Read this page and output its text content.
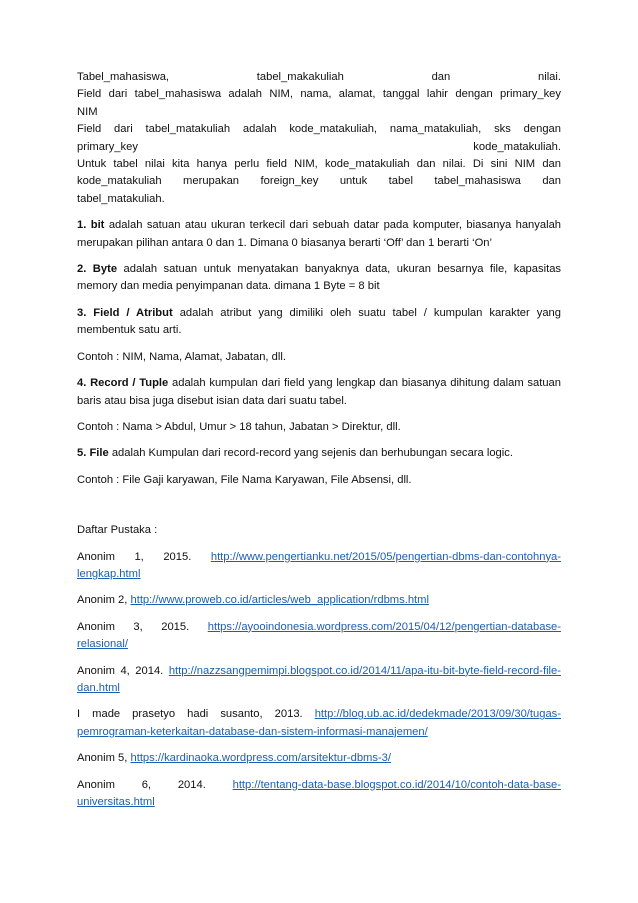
Tabel_mahasiswa, tabel_makakuliah dan nilai.
Field dari tabel_mahasiswa adalah NIM, nama, alamat, tanggal lahir dengan primary_key
NIM
Field dari tabel_matakuliah adalah kode_matakuliah, nama_matakuliah, sks dengan
primary_key kode_matakuliah.
Untuk tabel nilai kita hanya perlu field NIM, kode_matakuliah dan nilai. Di sini NIM dan
kode_matakuliah merupakan foreign_key untuk tabel tabel_mahasiswa dan
tabel_matakuliah.

1. bit adalah satuan atau ukuran terkecil dari sebuah datar pada komputer, biasanya hanyalah merupakan pilihan antara 0 dan 1. Dimana 0 biasanya berarti ‘Off’ dan 1 berarti ‘On’

2. Byte adalah satuan untuk menyatakan banyaknya data, ukuran besarnya file, kapasitas memory dan media penyimpanan data. dimana 1 Byte = 8 bit

3. Field / Atribut adalah atribut yang dimiliki oleh suatu tabel / kumpulan karakter yang membentuk satu arti.

Contoh : NIM, Nama, Alamat, Jabatan, dll.

4. Record / Tuple adalah kumpulan dari field yang lengkap dan biasanya dihitung dalam satuan baris atau bisa juga disebut isian data dari suatu tabel.

Contoh : Nama > Abdul, Umur > 18 tahun, Jabatan > Direktur, dll.

5. File adalah Kumpulan dari record-record yang sejenis dan berhubungan secara logic.

Contoh : File Gaji karyawan, File Nama Karyawan, File Absensi, dll.

Daftar Pustaka :

Anonim 1, 2015. http://www.pengertianku.net/2015/05/pengertian-dbms-dan-contohnya-lengkap.html

Anonim 2, http://www.proweb.co.id/articles/web_application/rdbms.html

Anonim 3, 2015. https://ayooindonesia.wordpress.com/2015/04/12/pengertian-database-relasional/

Anonim 4, 2014. http://nazzsangpemimpi.blogspot.co.id/2014/11/apa-itu-bit-byte-field-record-file-dan.html

I made prasetyo hadi susanto, 2013. http://blog.ub.ac.id/dedekmade/2013/09/30/tugas-pemrograman-keterkaitan-database-dan-sistem-informasi-manajemen/

Anonim 5, https://kardinaoka.wordpress.com/arsitektur-dbms-3/

Anonim 6, 2014. http://tentang-data-base.blogspot.co.id/2014/10/contoh-data-base-universitas.html
